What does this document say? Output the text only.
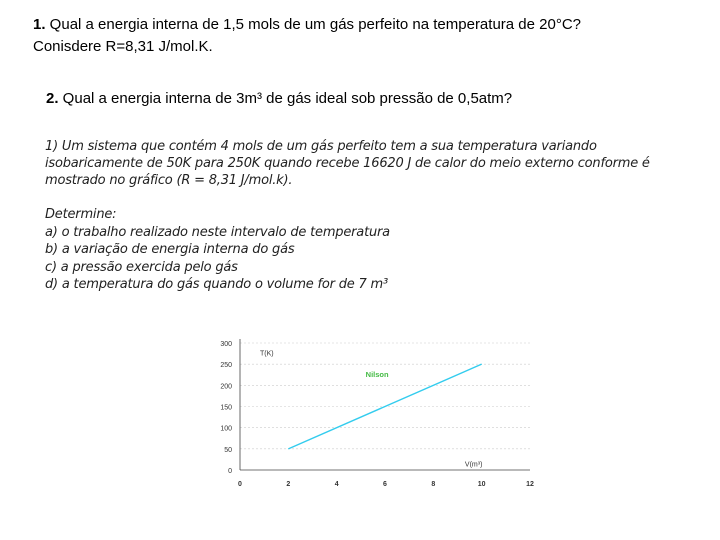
1. Qual a energia interna de 1,5 mols de um gás perfeito na temperatura de 20°C?
Conisdere R=8,31 J/mol.K.
2. Qual a energia interna de 3m³ de gás ideal sob pressão de 0,5atm?
1) Um sistema que contém 4 mols de um gás perfeito tem a sua temperatura variando isobaricamente de 50K para 250K quando recebe 16620 J de calor do meio externo conforme é mostrado no gráfico (R = 8,31 J/mol.k).
Determine:
a) o trabalho realizado neste intervalo de temperatura
b) a variação de energia interna do gás
c) a pressão exercida pelo gás
d) a temperatura do gás quando o volume for de 7 m³
0
50
100
150
200
250
300
0	2	4	6	8	10	12
T(K)
V(m³)
Nilson
